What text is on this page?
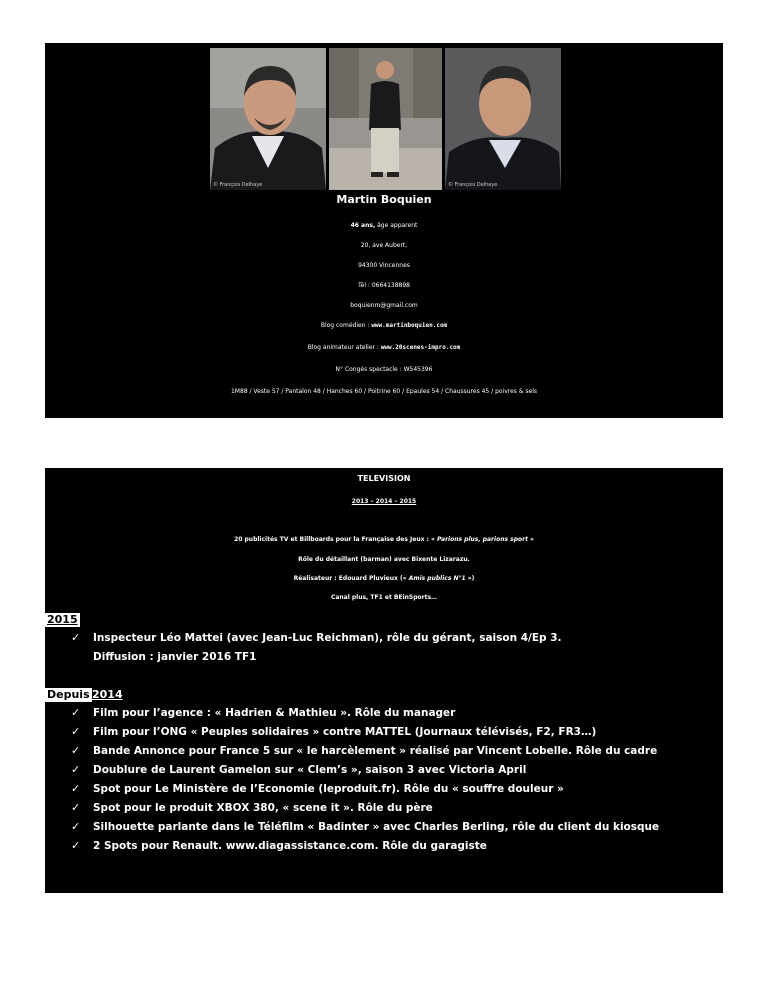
© François Delhaye	© François Delhaye
Martin Boquien
46 ans, âge apparent
20, ave Aubert,
94300 Vincennes
Tél : 0664138898
boquienm@gmail.com
Blog comédien : www.martinboquien.com
Blog animateur atelier : www.20scenes-impro.com
N° Congés spectacle : W545396
1M88 / Veste 57 / Pantalon 48 / Hanches 60 / Poitrine 60 / Epaules 54 / Chaussures 45 / poivres & sels
TELEVISION
2013 – 2014 – 2015
20 publicités TV et Billboards pour la Française des Jeux : « Parions plus, parions sport »
Rôle du détaillant (barman) avec Bixente Lizarazu.
Réalisateur : Edouard Pluvieux (« Amis publics N°1 »)
Canal plus, TF1 et BEinSports…
2015
✓ Inspecteur Léo Mattei (avec Jean-Luc Reichman), rôle du gérant, saison 4/Ep 3.
Diffusion : janvier 2016 TF1
Depuis 2014
✓ Film pour l’agence : « Hadrien & Mathieu ». Rôle du manager
✓ Film pour l’ONG « Peuples solidaires » contre MATTEL (Journaux télévisés, F2, FR3…)
✓ Bande Annonce pour France 5 sur « le harcèlement » réalisé par Vincent Lobelle. Rôle du cadre
✓ Doublure de Laurent Gamelon sur « Clem’s », saison 3 avec Victoria April
✓ Spot pour Le Ministère de l’Economie (leproduit.fr). Rôle du « souffre douleur »
✓ Spot pour le produit XBOX 380, « scene it ». Rôle du père
✓ Silhouette parlante dans le Téléfilm « Badinter » avec Charles Berling, rôle du client du kiosque
✓ 2 Spots pour Renault. www.diagassistance.com. Rôle du garagiste
